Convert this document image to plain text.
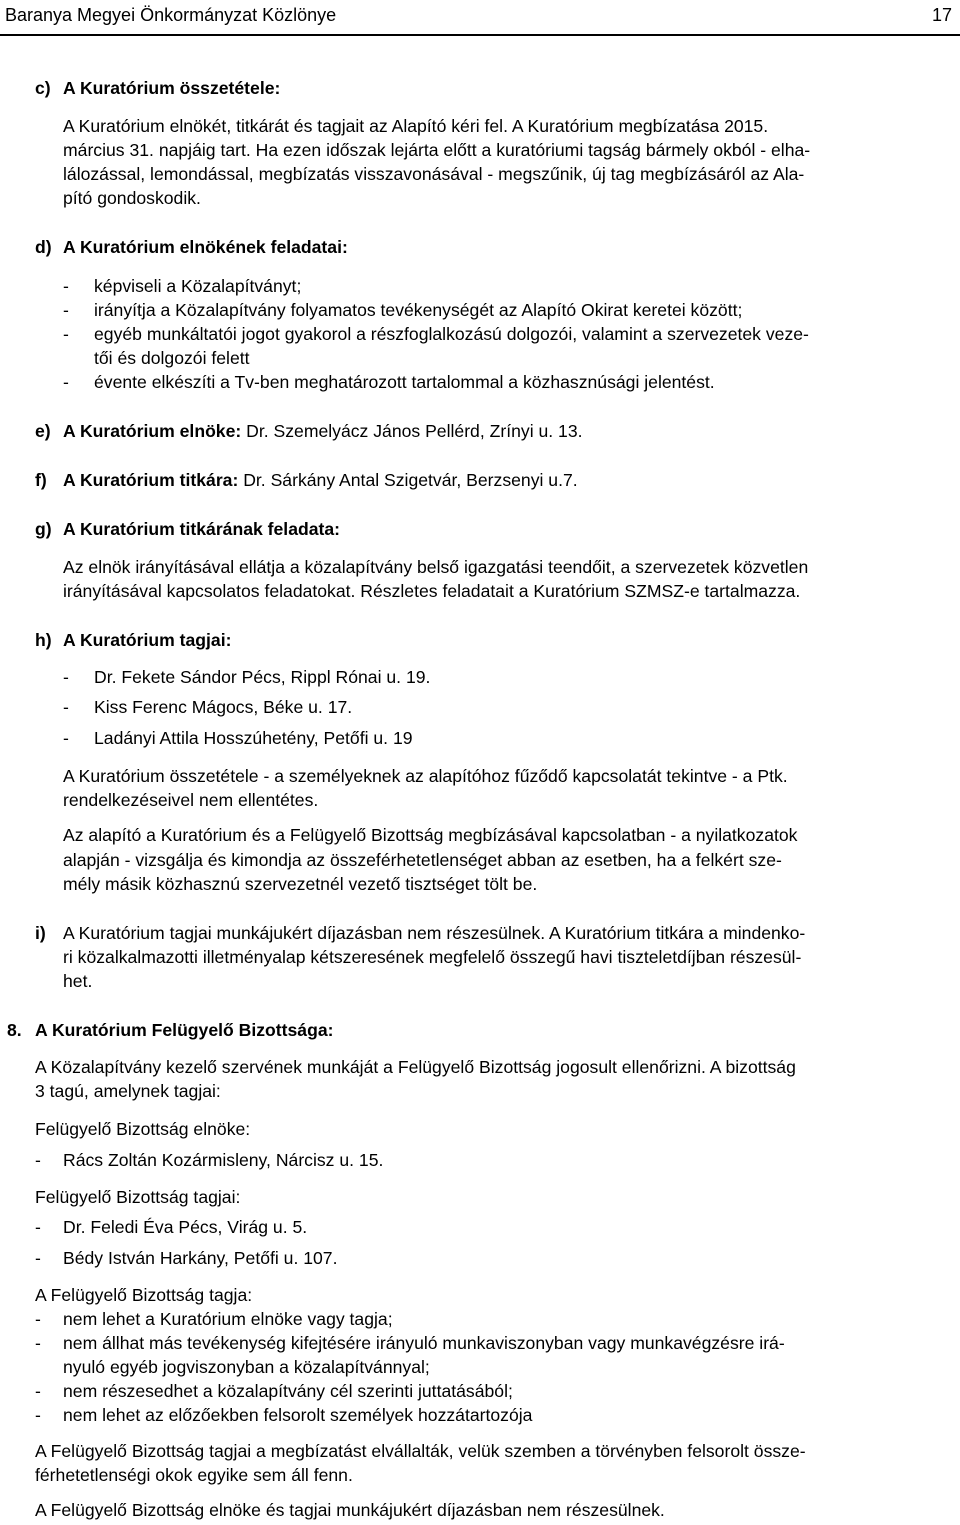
Baranya Megyei Önkormányzat Közlönye	17
c) A Kuratórium összetétele:
A Kuratórium elnökét, titkárát és tagjait az Alapító kéri fel. A Kuratórium megbízatása 2015.
március 31. napjáig tart. Ha ezen időszak lejárta előtt a kuratóriumi tagság bármely okból - elha-
lálozással, lemondással, megbízatás visszavonásával - megszűnik, új tag megbízásáról az Ala-
pító gondoskodik.
d) A Kuratórium elnökének feladatai:
- képviseli a Közalapítványt;
- irányítja a Közalapítvány folyamatos tevékenységét az Alapító Okirat keretei között;
- egyéb munkáltatói jogot gyakorol a részfoglalkozású dolgozói, valamint a szervezetek veze-
tői és dolgozói felett
- évente elkészíti a Tv-ben meghatározott tartalommal a közhasznúsági jelentést.
e) A Kuratórium elnöke: Dr. Szemelyácz János Pellérd, Zrínyi u. 13.
f) A Kuratórium titkára: Dr. Sárkány Antal Szigetvár, Berzsenyi u.7.
g) A Kuratórium titkárának feladata:
Az elnök irányításával ellátja a közalapítvány belső igazgatási teendőit, a szervezetek közvetlen
irányításával kapcsolatos feladatokat. Részletes feladatait a Kuratórium SZMSZ-e tartalmazza.
h) A Kuratórium tagjai:
- Dr. Fekete Sándor Pécs, Rippl Rónai u. 19.
- Kiss Ferenc Mágocs, Béke u. 17.
- Ladányi Attila Hosszúhetény, Petőfi u. 19
A Kuratórium összetétele - a személyeknek az alapítóhoz fűződő kapcsolatát tekintve - a Ptk.
rendelkezéseivel nem ellentétes.
Az alapító a Kuratórium és a Felügyelő Bizottság megbízásával kapcsolatban - a nyilatkozatok
alapján - vizsgálja és kimondja az összeférhetetlenséget abban az esetben, ha a felkért sze-
mély másik közhasznú szervezetnél vezető tisztséget tölt be.
i) A Kuratórium tagjai munkájukért díjazásban nem részesülnek. A Kuratórium titkára a mindenko-
ri közalkalmazotti illetményalap kétszeresének megfelelő összegű havi tiszteletdíjban részesül-
het.
8. A Kuratórium Felügyelő Bizottsága:
A Közalapítvány kezelő szervének munkáját a Felügyelő Bizottság jogosult ellenőrizni. A bizottság
3 tagú, amelynek tagjai:
Felügyelő Bizottság elnöke:
- Rács Zoltán Kozármisleny, Nárcisz u. 15.
Felügyelő Bizottság tagjai:
- Dr. Feledi Éva Pécs, Virág u. 5.
- Bédy István Harkány, Petőfi u. 107.
A Felügyelő Bizottság tagja:
- nem lehet a Kuratórium elnöke vagy tagja;
- nem állhat más tevékenység kifejtésére irányuló munkaviszonyban vagy munkavégzésre irá-
nyuló egyéb jogviszonyban a közalapítvánnyal;
- nem részesedhet a közalapítvány cél szerinti juttatásából;
- nem lehet az előzőekben felsorolt személyek hozzátartozója
A Felügyelő Bizottság tagjai a megbízatást elvállalták, velük szemben a törvényben felsorolt össze-
férhetetlenségi okok egyike sem áll fenn.
A Felügyelő Bizottság elnöke és tagjai munkájukért díjazásban nem részesülnek.
